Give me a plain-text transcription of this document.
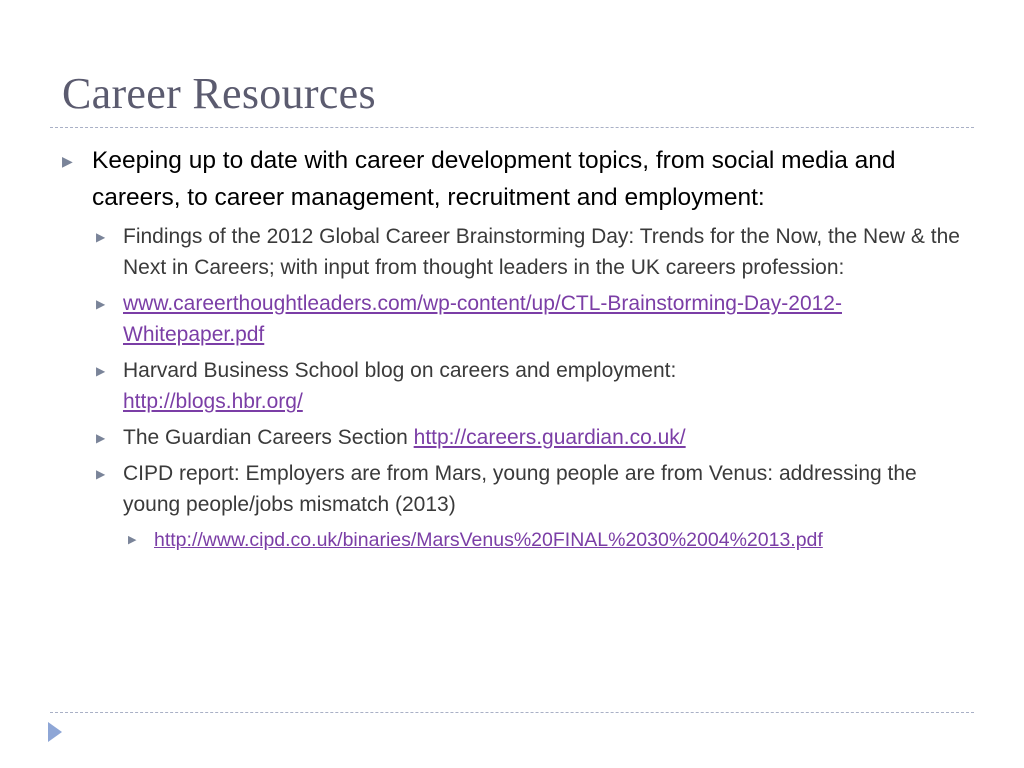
Career Resources
▶ Keeping up to date with career development topics, from social media and careers, to career management, recruitment and employment:
▶ Findings of the 2012 Global Career Brainstorming Day: Trends for the Now, the New & the Next in Careers; with input from thought leaders in the UK careers profession:
▶ www.careerthoughtleaders.com/wp-content/up/CTL-Brainstorming-Day-2012-Whitepaper.pdf
▶ Harvard Business School blog on careers and employment:
http://blogs.hbr.org/
▶ The Guardian Careers Section http://careers.guardian.co.uk/
▶ CIPD report: Employers are from Mars, young people are from Venus: addressing the young people/jobs mismatch (2013)
▶ http://www.cipd.co.uk/binaries/MarsVenus%20FINAL%2030%2004%2013.pdf
